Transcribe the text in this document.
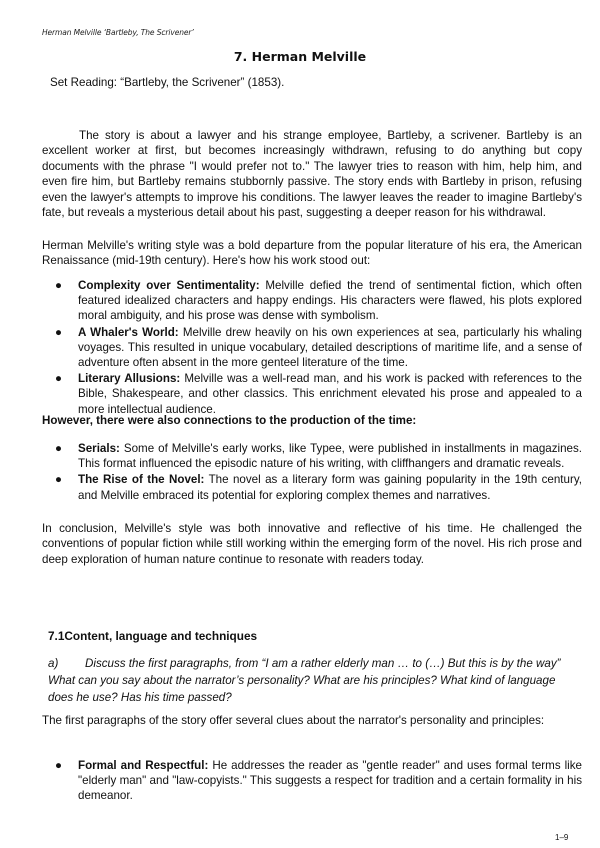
Herman Melville ‘Bartleby, The Scrivener’
7. Herman Melville
Set Reading: “Bartleby, the Scrivener” (1853).

The story is about a lawyer and his strange employee, Bartleby, a scrivener. Bartleby is an excellent worker at first, but becomes increasingly withdrawn, refusing to do anything but copy documents with the phrase "I would prefer not to." The lawyer tries to reason with him, help him, and even fire him, but Bartleby remains stubbornly passive. The story ends with Bartleby in prison, refusing even the lawyer's attempts to improve his conditions. The lawyer leaves the reader to imagine Bartleby's fate, but reveals a mysterious detail about his past, suggesting a deeper reason for his withdrawal.

Herman Melville's writing style was a bold departure from the popular literature of his era, the American Renaissance (mid-19th century). Here's how his work stood out:

● Complexity over Sentimentality: Melville defied the trend of sentimental fiction, which often featured idealized characters and happy endings. His characters were flawed, his plots explored moral ambiguity, and his prose was dense with symbolism.
● A Whaler's World: Melville drew heavily on his own experiences at sea, particularly his whaling voyages. This resulted in unique vocabulary, detailed descriptions of maritime life, and a sense of adventure often absent in the more genteel literature of the time.
● Literary Allusions: Melville was a well-read man, and his work is packed with references to the Bible, Shakespeare, and other classics. This enrichment elevated his prose and appealed to a more intellectual audience.
However, there were also connections to the production of the time:
● Serials: Some of Melville's early works, like Typee, were published in installments in magazines. This format influenced the episodic nature of his writing, with cliffhangers and dramatic reveals.
● The Rise of the Novel: The novel as a literary form was gaining popularity in the 19th century, and Melville embraced its potential for exploring complex themes and narratives.

In conclusion, Melville's style was both innovative and reflective of his time. He challenged the conventions of popular fiction while still working within the emerging form of the novel. His rich prose and deep exploration of human nature continue to resonate with readers today.

7.1Content, language and techniques

a) Discuss the first paragraphs, from “I am a rather elderly man … to (…) But this is by the way” What can you say about the narrator’s personality? What are his principles? What kind of language does he use? Has his time passed?

The first paragraphs of the story offer several clues about the narrator's personality and principles:

● Formal and Respectful: He addresses the reader as "gentle reader" and uses formal terms like "elderly man" and "law-copyists." This suggests a respect for tradition and a certain formality in his demeanor.
1–9
